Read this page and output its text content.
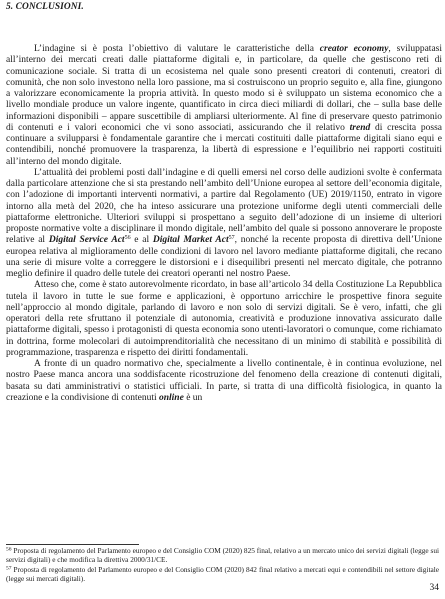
5. CONCLUSIONI.

L’indagine si è posta l’obiettivo di valutare le caratteristiche della creator economy, sviluppatasi all’interno dei mercati creati dalle piattaforme digitali e, in particolare, da quelle che gestiscono reti di comunicazione sociale. Si tratta di un ecosistema nel quale sono presenti creatori di contenuti, creatori di comunità, che non solo investono nella loro passione, ma si costruiscono un proprio seguito e, alla fine, giungono a valorizzare economicamente la propria attività. In questo modo si è sviluppato un sistema economico che a livello mondiale produce un valore ingente, quantificato in circa dieci miliardi di dollari, che – sulla base delle informazioni disponibili – appare suscettibile di ampliarsi ulteriormente. Al fine di preservare questo patrimonio di contenuti e i valori economici che vi sono associati, assicurando che il relativo trend di crescita possa continuare a svilupparsi è fondamentale garantire che i mercati costituiti dalle piattaforme digitali siano equi e contendibili, nonché promuovere la trasparenza, la libertà di espressione e l’equilibrio nei rapporti costituiti all’interno del mondo digitale.

L’attualità dei problemi posti dall’indagine e di quelli emersi nel corso delle audizioni svolte è confermata dalla particolare attenzione che si sta prestando nell’ambito dell’Unione europea al settore dell’economia digitale, con l’adozione di importanti interventi normativi, a partire dal Regolamento (UE) 2019/1150, entrato in vigore intorno alla metà del 2020, che ha inteso assicurare una protezione uniforme degli utenti commerciali delle piattaforme elettroniche. Ulteriori sviluppi si prospettano a seguito dell’adozione di un insieme di ulteriori proposte normative volte a disciplinare il mondo digitale, nell’ambito del quale si possono annoverare le proposte relative al Digital Service Act$^{56}$ e al Digital Market Act$^{57}$, nonché la recente proposta di direttiva dell’Unione europea relativa al miglioramento delle condizioni di lavoro nel lavoro mediante piattaforme digitali, che recano una serie di misure volte a correggere le distorsioni e i disequilibri presenti nel mercato digitale, che potranno meglio definire il quadro delle tutele dei creatori operanti nel nostro Paese.

Atteso che, come è stato autorevolmente ricordato, in base all’articolo 34 della Costituzione La Repubblica tutela il lavoro in tutte le sue forme e applicazioni, è opportuno arricchire le prospettive finora seguite nell’approccio al mondo digitale, parlando di lavoro e non solo di servizi digitali. Se è vero, infatti, che gli operatori della rete sfruttano il potenziale di autonomia, creatività e produzione innovativa assicurato dalle piattaforme digitali, spesso i protagonisti di questa economia sono utenti-lavoratori o comunque, come richiamato in dottrina, forme molecolari di autoimprenditorialità che necessitano di un minimo di stabilità e possibilità di programmazione, trasparenza e rispetto dei diritti fondamentali.

A fronte di un quadro normativo che, specialmente a livello continentale, è in continua evoluzione, nel nostro Paese manca ancora una soddisfacente ricostruzione del fenomeno della creazione di contenuti digitali, basata su dati amministrativi o statistici ufficiali. In parte, si tratta di una difficoltà fisiologica, in quanto la creazione e la condivisione di contenuti online è un

$^{56}$ Proposta di regolamento del Parlamento europeo e del Consiglio COM (2020) 825 final, relativo a un mercato unico dei servizi digitali (legge sui servizi digitali) e che modifica la direttiva 2000/31/CE.

$^{57}$ Proposta di regolamento del Parlamento europeo e del Consiglio COM (2020) 842 final relativo a mercati equi e contendibili nel settore digitale (legge sui mercati digitali).

34
